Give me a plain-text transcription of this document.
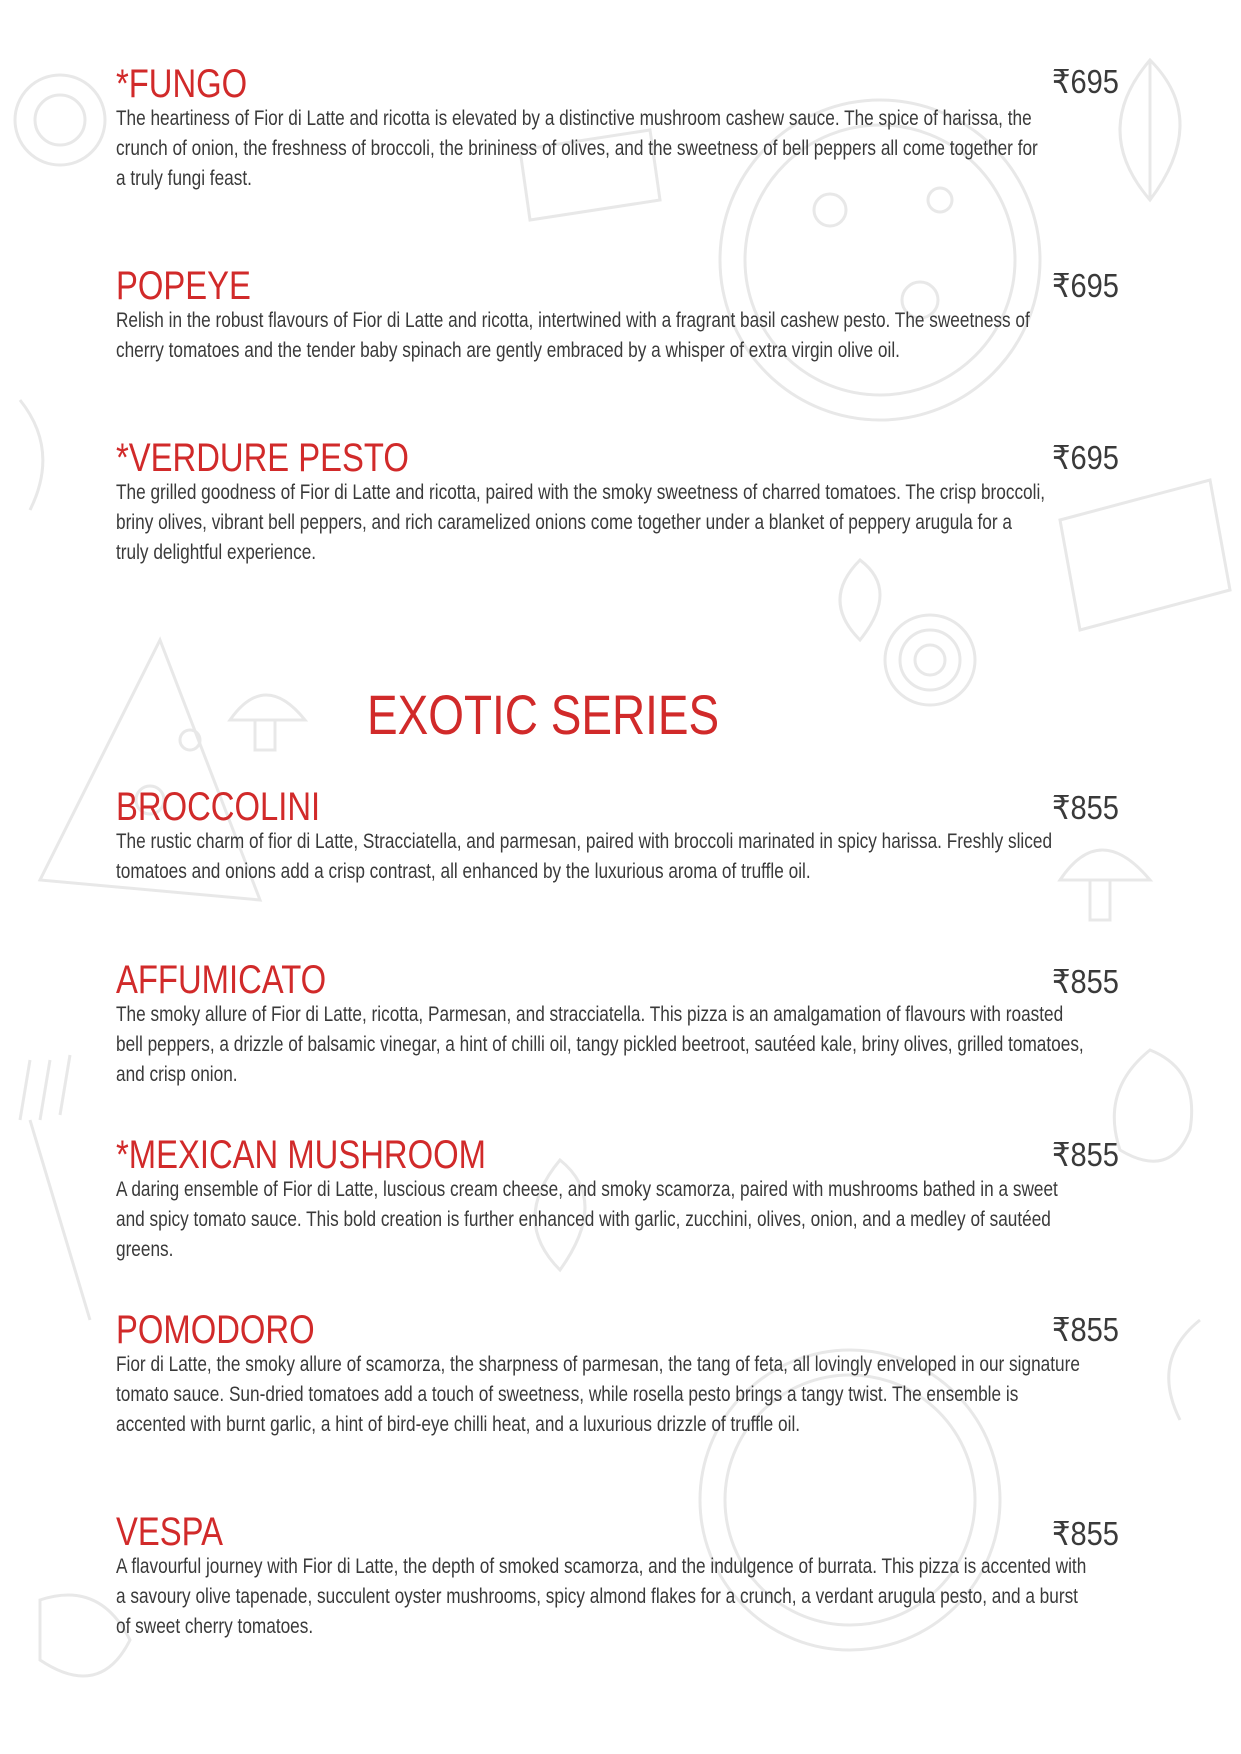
*FUNGO
The heartiness of Fior di Latte and ricotta is elevated by a distinctive mushroom cashew sauce. The spice of harissa, the crunch of onion, the freshness of broccoli, the brininess of olives, and the sweetness of bell peppers all come together for a truly fungi feast.
₹695
POPEYE
Relish in the robust flavours of Fior di Latte and ricotta, intertwined with a fragrant basil cashew pesto. The sweetness of cherry tomatoes and the tender baby spinach are gently embraced by a whisper of extra virgin olive oil.
₹695
*VERDURE PESTO
The grilled goodness of Fior di Latte and ricotta, paired with the smoky sweetness of charred tomatoes. The crisp broccoli, briny olives, vibrant bell peppers, and rich caramelized onions come together under a blanket of peppery arugula for a truly delightful experience.
₹695
EXOTIC SERIES
BROCCOLINI
The rustic charm of fior di Latte, Stracciatella, and parmesan, paired with broccoli marinated in spicy harissa. Freshly sliced tomatoes and onions add a crisp contrast, all enhanced by the luxurious aroma of truffle oil.
₹855
AFFUMICATO
The smoky allure of Fior di Latte, ricotta, Parmesan, and stracciatella. This pizza is an amalgamation of flavours with roasted bell peppers, a drizzle of balsamic vinegar, a hint of chilli oil, tangy pickled beetroot, sautéed kale, briny olives, grilled tomatoes, and crisp onion.
₹855
*MEXICAN MUSHROOM
A daring ensemble of Fior di Latte, luscious cream cheese, and smoky scamorza, paired with mushrooms bathed in a sweet and spicy tomato sauce. This bold creation is further enhanced with garlic, zucchini, olives, onion, and a medley of sautéed greens.
₹855
POMODORO
Fior di Latte, the smoky allure of scamorza, the sharpness of parmesan, the tang of feta, all lovingly enveloped in our signature tomato sauce. Sun-dried tomatoes add a touch of sweetness, while rosella pesto brings a tangy twist. The ensemble is accented with burnt garlic, a hint of bird-eye chilli heat, and a luxurious drizzle of truffle oil.
₹855
VESPA
A flavourful journey with Fior di Latte, the depth of smoked scamorza, and the indulgence of burrata. This pizza is accented with a savoury olive tapenade, succulent oyster mushrooms, spicy almond flakes for a crunch, a verdant arugula pesto, and a burst of sweet cherry tomatoes.
₹855
